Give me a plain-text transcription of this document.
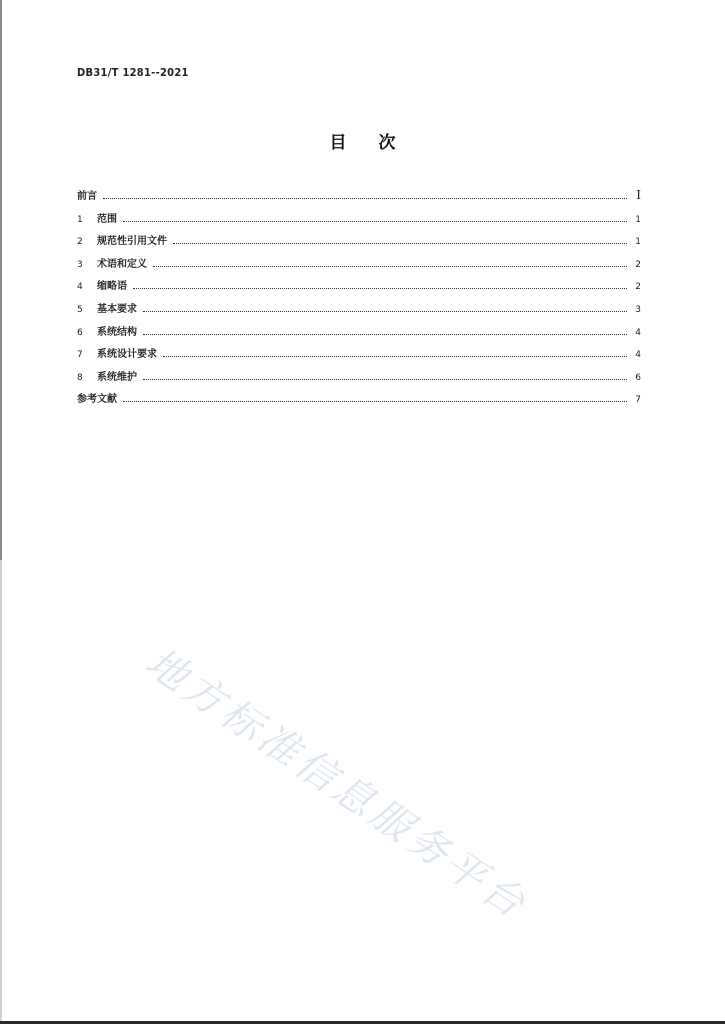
DB31/T 1281--2021
目 次
前言	I
1	范围	1
2	规范性引用文件	1
3	术语和定义	2
4	缩略语	2
5	基本要求	3
6	系统结构	4
7	系统设计要求	4
8	系统维护	6
参考文献	7
地方标准信息服务平台
